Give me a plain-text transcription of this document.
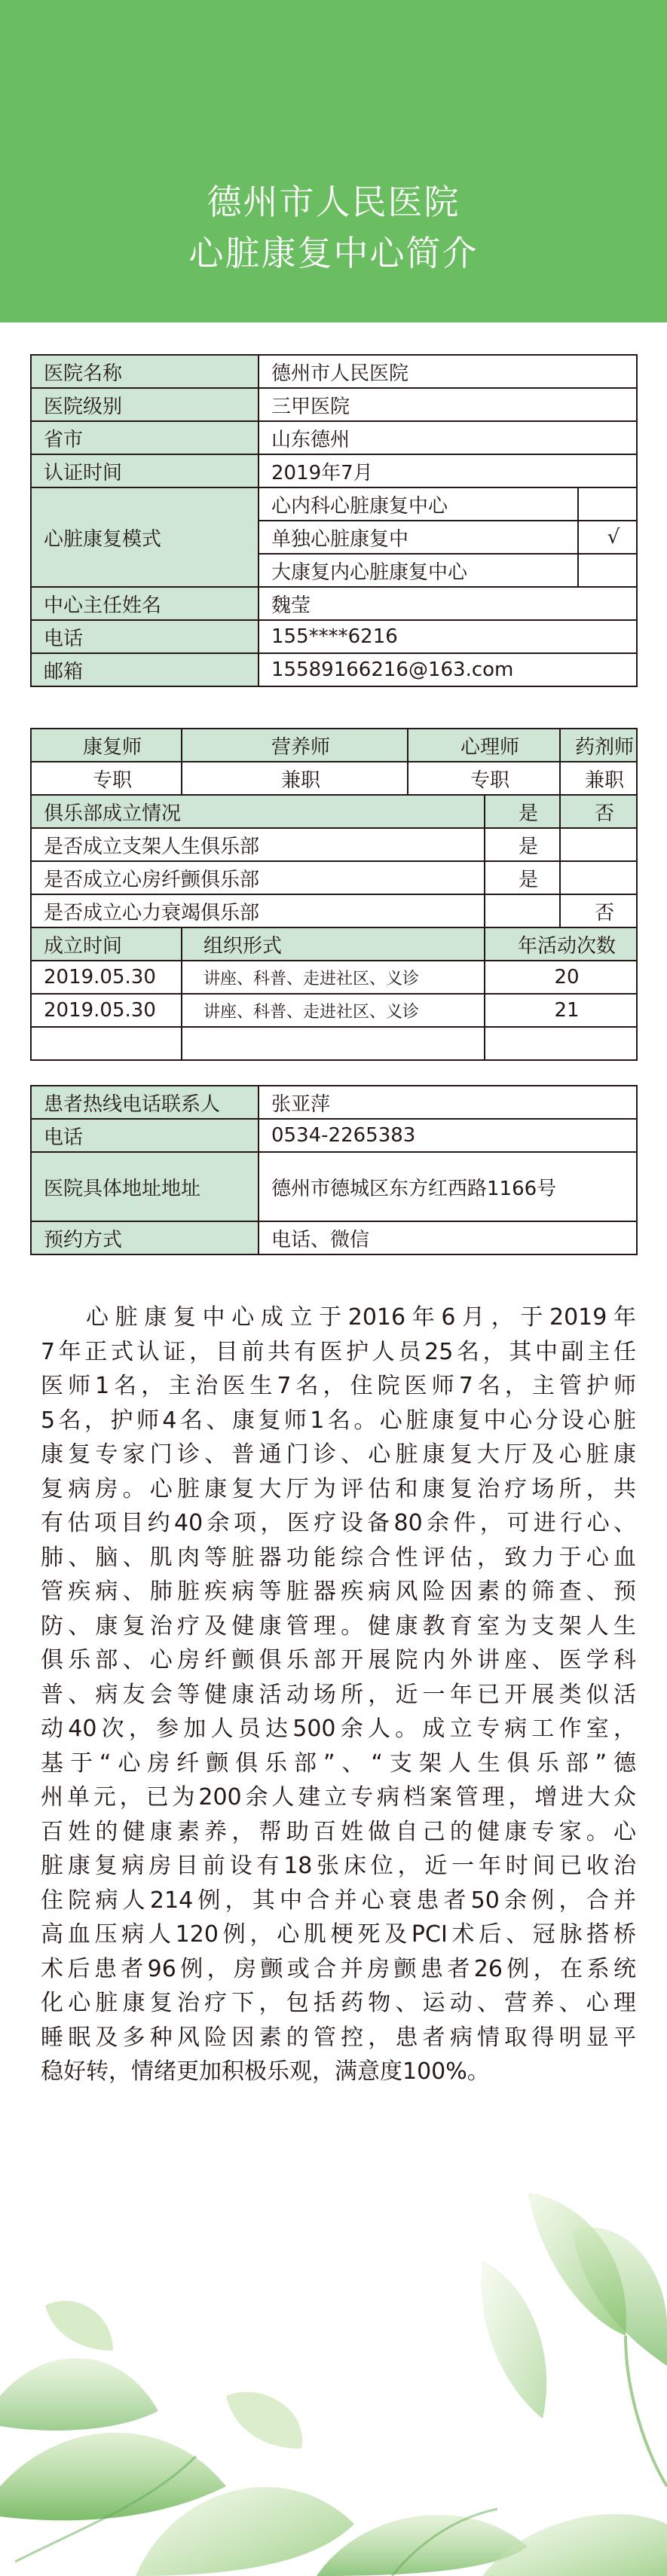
德州市人民医院
心脏康复中心简介
医院名称	德州市人民医院	
医院级别	三甲医院	
省市	山东德州	
认证时间	2019年7月	
心脏康复模式	心内科心脏康复中心	
	单独心脏康复中	√
	大康复内心脏康复中心	
中心主任姓名	魏莹	
电话	155****6216	
邮箱	15589166216@163.com	
康复师	营养师	心理师		药剂师
专职	兼职	专职		兼职
俱乐部成立情况			是	否
是否成立支架人生俱乐部			是	
是否成立心房纤颤俱乐部			是	
是否成立心力衰竭俱乐部				否
成立时间	组织形式		年活动次数	
2019.05.30	讲座、科普、走进社区、义诊		20	
2019.05.30	讲座、科普、走进社区、义诊		21	

患者热线电话联系人	张亚萍
电话	0534-2265383
医院具体地址地址	德州市德城区东方红西路1166号
预约方式	电话、微信
心脏康复中心成立于2016年6月，于2019年
7年正式认证，目前共有医护人员25名，其中副主任
医师1名，主治医生7名，住院医师7名，主管护师
5名，护师4名、康复师1名。心脏康复中心分设心脏
康复专家门诊、普通门诊、心脏康复大厅及心脏康
复病房。心脏康复大厅为评估和康复治疗场所，共
有估项目约40余项，医疗设备80余件，可进行心、
肺、脑、肌肉等脏器功能综合性评估，致力于心血
管疾病、肺脏疾病等脏器疾病风险因素的筛查、预
防、康复治疗及健康管理。健康教育室为支架人生
俱乐部、心房纤颤俱乐部开展院内外讲座、医学科
普、病友会等健康活动场所，近一年已开展类似活
动40次，参加人员达500余人。成立专病工作室，
基于“心房纤颤俱乐部”、“支架人生俱乐部”德
州单元，已为200余人建立专病档案管理，增进大众
百姓的健康素养，帮助百姓做自己的健康专家。心
脏康复病房目前设有18张床位，近一年时间已收治
住院病人214例，其中合并心衰患者50余例，合并
高血压病人120例，心肌梗死及PCI术后、冠脉搭桥
术后患者96例，房颤或合并房颤患者26例，在系统
化心脏康复治疗下，包括药物、运动、营养、心理
睡眠及多种风险因素的管控，患者病情取得明显平
稳好转，情绪更加积极乐观，满意度100%。
